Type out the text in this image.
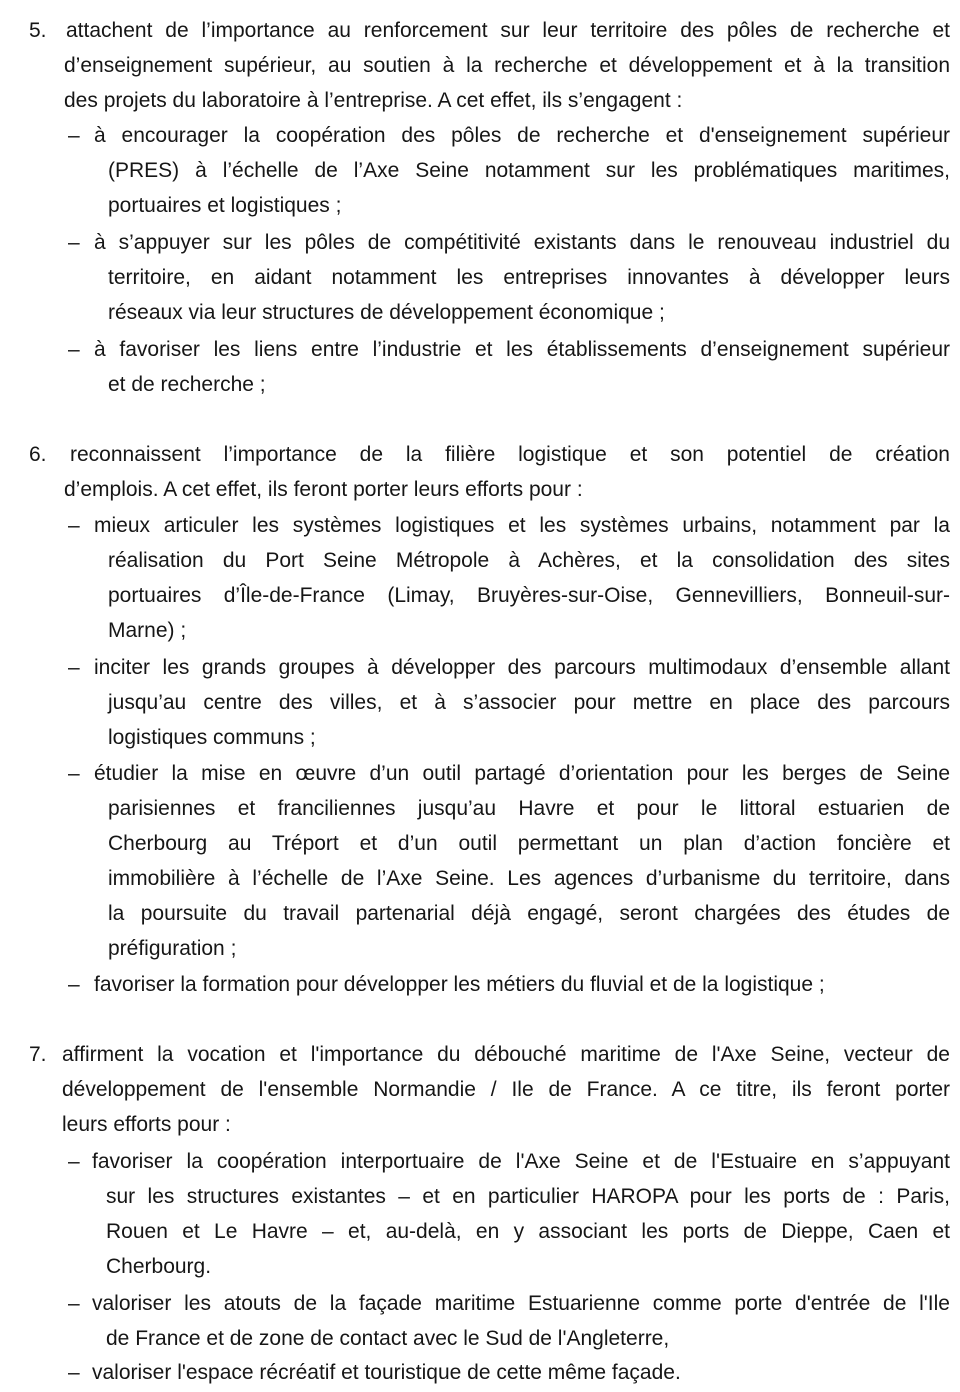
5. attachent de l’importance au renforcement sur leur territoire des pôles de recherche et
d’enseignement supérieur, au soutien à la recherche et développement et à la transition
des projets du laboratoire à l’entreprise. A cet effet, ils s’engagent :
– à encourager la coopération des pôles de recherche et d'enseignement supérieur
(PRES) à l’échelle de l’Axe Seine notamment sur les problématiques maritimes,
portuaires et logistiques ;
– à s’appuyer sur les pôles de compétitivité existants dans le renouveau industriel du
territoire, en aidant notamment les entreprises innovantes à développer leurs
réseaux via leur structures de développement économique ;
– à favoriser les liens entre l’industrie et les établissements d’enseignement supérieur
et de recherche ;
6. reconnaissent l’importance de la filière logistique et son potentiel de création
d’emplois. A cet effet, ils feront porter leurs efforts pour :
– mieux articuler les systèmes logistiques et les systèmes urbains, notamment par la
réalisation du Port Seine Métropole à Achères, et la consolidation des sites
portuaires d’Île-de-France (Limay, Bruyères-sur-Oise, Gennevilliers, Bonneuil-sur-
Marne) ;
– inciter les grands groupes à développer des parcours multimodaux d’ensemble allant
jusqu’au centre des villes, et à s’associer pour mettre en place des parcours
logistiques communs ;
– étudier la mise en œuvre d’un outil partagé d’orientation pour les berges de Seine
parisiennes et franciliennes jusqu’au Havre et pour le littoral estuarien de
Cherbourg au Tréport et d’un outil permettant un plan d’action foncière et
immobilière à l’échelle de l’Axe Seine. Les agences d’urbanisme du territoire, dans
la poursuite du travail partenarial déjà engagé, seront chargées des études de
préfiguration ;
– favoriser la formation pour développer les métiers du fluvial et de la logistique ;
7. affirment la vocation et l'importance du débouché maritime de l'Axe Seine, vecteur de
développement de l'ensemble Normandie / Ile de France. A ce titre, ils feront porter
leurs efforts pour :
– favoriser la coopération interportuaire de l'Axe Seine et de l'Estuaire en s’appuyant
sur les structures existantes – et en particulier HAROPA pour les ports de : Paris,
Rouen et Le Havre – et, au-delà, en y associant les ports de Dieppe, Caen et
Cherbourg.
– valoriser les atouts de la façade maritime Estuarienne comme porte d'entrée de l'Ile
de France et de zone de contact avec le Sud de l'Angleterre,
– valoriser l'espace récréatif et touristique de cette même façade.
